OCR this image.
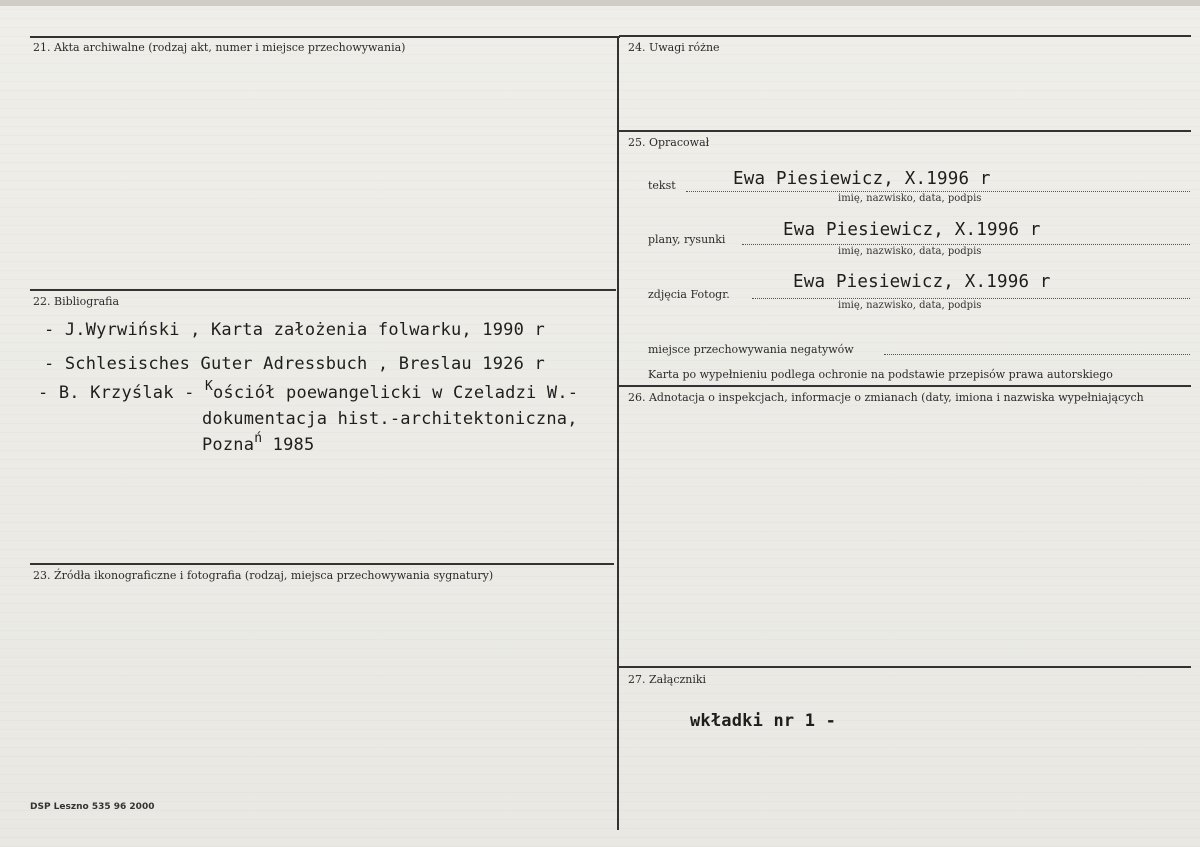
21. Akta archiwalne (rodzaj akt, numer i miejsce przechowywania)
22. Bibliografia
- J.Wyrwiński , Karta założenia folwarku, 1990 r
- Schlesisches Guter Adressbuch , Breslau 1926 r
- B. Krzyślak - $^K$ościół poewangelicki w Czeladzi W.-
dokumentacja hist.-architektoniczna,
Pozna$^ń$ 1985
23. Źródła ikonograficzne i fotografia (rodzaj, miejsca przechowywania sygnatury)
24. Uwagi różne
25. Opracował
tekst	Ewa Piesiewicz, X.1996 r
imię, nazwisko, data, podpis
plany, rysunki	Ewa Piesiewicz, X.1996 r
imię, nazwisko, data, podpis
zdjęcia Fotogr.
Ewa Piesiewicz, X.1996 r
imię, nazwisko, data, podpis
miejsce przechowywania negatywów
Karta po wypełnieniu podlega ochronie na podstawie przepisów prawa autorskiego
26. Adnotacja o inspekcjach, informacje o zmianach (daty, imiona i nazwiska wypełniających
27. Załączniki
wkładki nr 1 -
DSP Leszno 535 96 2000
